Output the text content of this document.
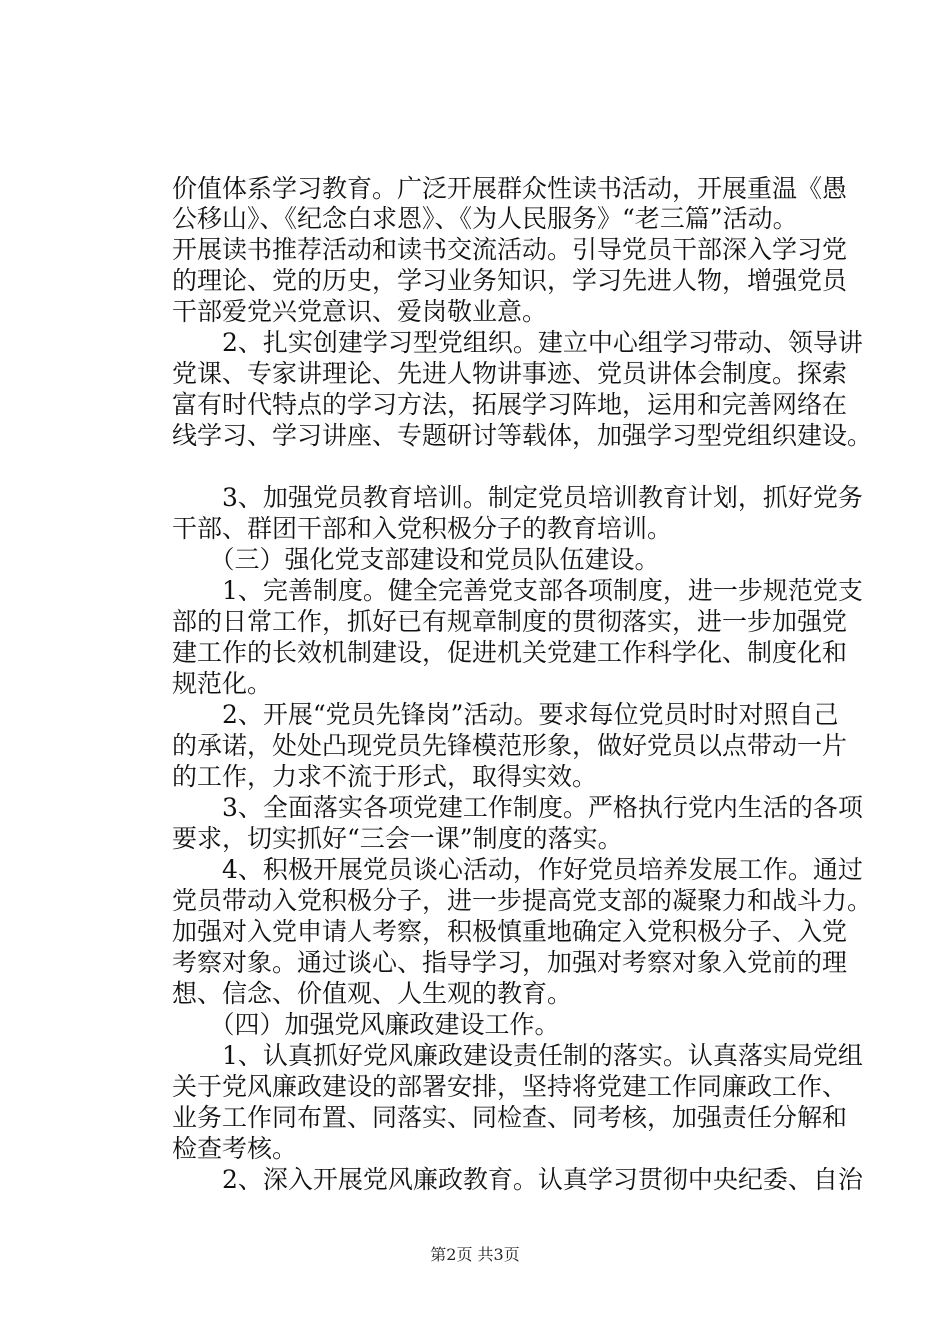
价值体系学习教育。广泛开展群众性读书活动，开展重温《愚
公移山》、《纪念白求恩》、《为人民服务》“老三篇”活动。
开展读书推荐活动和读书交流活动。引导党员干部深入学习党
的理论、党的历史，学习业务知识，学习先进人物，增强党员
干部爱党兴党意识、爱岗敬业意。
　　2、扎实创建学习型党组织。建立中心组学习带动、领导讲
党课、专家讲理论、先进人物讲事迹、党员讲体会制度。探索
富有时代特点的学习方法，拓展学习阵地，运用和完善网络在
线学习、学习讲座、专题研讨等载体，加强学习型党组织建设。
　　3、加强党员教育培训。制定党员培训教育计划，抓好党务
干部、群团干部和入党积极分子的教育培训。
　　（三）强化党支部建设和党员队伍建设。
　　1、完善制度。健全完善党支部各项制度，进一步规范党支
部的日常工作，抓好已有规章制度的贯彻落实，进一步加强党
建工作的长效机制建设，促进机关党建工作科学化、制度化和
规范化。
　　2、开展“党员先锋岗”活动。要求每位党员时时对照自己
的承诺，处处凸现党员先锋模范形象，做好党员以点带动一片
的工作，力求不流于形式，取得实效。
　　3、全面落实各项党建工作制度。严格执行党内生活的各项
要求，切实抓好“三会一课”制度的落实。
　　4、积极开展党员谈心活动，作好党员培养发展工作。通过
党员带动入党积极分子，进一步提高党支部的凝聚力和战斗力。
加强对入党申请人考察，积极慎重地确定入党积极分子、入党
考察对象。通过谈心、指导学习，加强对考察对象入党前的理
想、信念、价值观、人生观的教育。
　　（四）加强党风廉政建设工作。
　　1、认真抓好党风廉政建设责任制的落实。认真落实局党组
关于党风廉政建设的部署安排，坚持将党建工作同廉政工作、
业务工作同布置、同落实、同检查、同考核，加强责任分解和
检查考核。
　　2、深入开展党风廉政教育。认真学习贯彻中央纪委、自治
第2页 共3页
